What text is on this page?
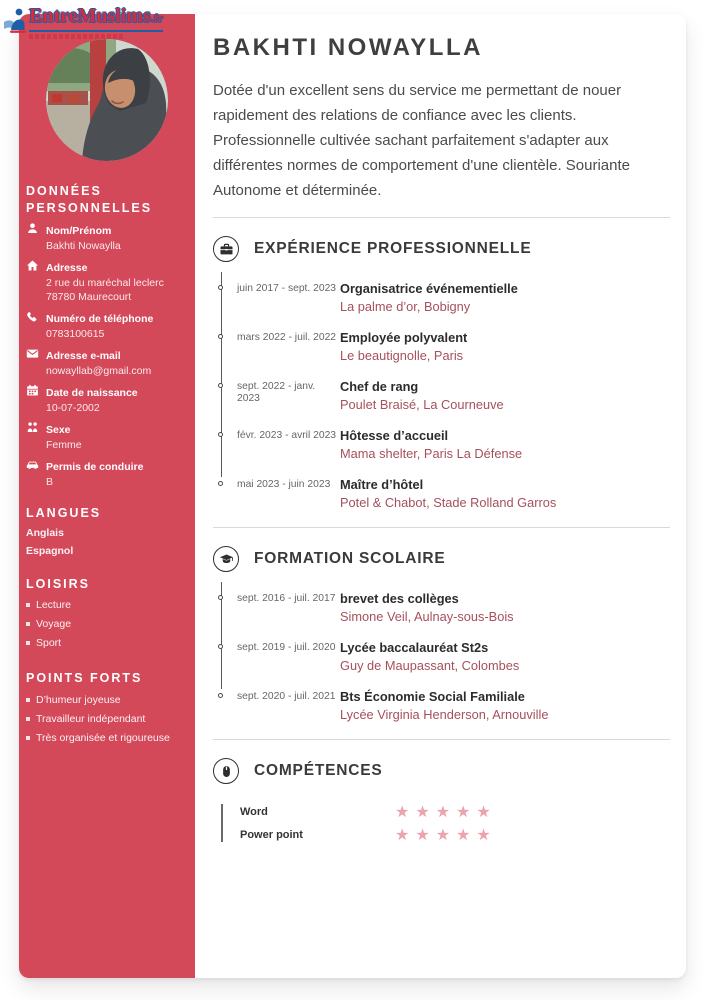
EntreMuslims.fr
DONNÉES PERSONNELLES
Nom/Prénom
Bakhti Nowaylla
Adresse
2 rue du maréchal leclerc
78780 Maurecourt
Numéro de téléphone
0783100615
Adresse e-mail
nowayllab@gmail.com
Date de naissance
10-07-2002
Sexe
Femme
Permis de conduire
B
LANGUES
Anglais
Espagnol
LOISIRS
Lecture
Voyage
Sport
POINTS FORTS
D’humeur joyeuse
Travailleur indépendant
Très organisée et rigoureuse
BAKHTI NOWAYLLA

Dotée d'un excellent sens du service me permettant de nouer rapidement des relations de confiance avec les clients. Professionnelle cultivée sachant parfaitement s'adapter aux différentes normes de comportement d'une clientèle. Souriante Autonome et déterminée.

EXPÉRIENCE PROFESSIONNELLE
juin 2017 - sept. 2023 Organisatrice événementielle
La palme d’or, Bobigny
mars 2022 - juil. 2022 Employée polyvalent
Le beautignolle, Paris
sept. 2022 - janv. 2023
Chef de rang
Poulet Braisé, La Courneuve
févr. 2023 - avril 2023 Hôtesse d’accueil
Mama shelter, Paris La Défense
mai 2023 - juin 2023 Maître d’hôtel
Potel & Chabot, Stade Rolland Garros
FORMATION SCOLAIRE
sept. 2016 - juil. 2017 brevet des collèges
Simone Veil, Aulnay-sous-Bois
sept. 2019 - juil. 2020 Lycée baccalauréat St2s
Guy de Maupassant, Colombes
sept. 2020 - juil. 2021 Bts Économie Social Familiale
Lycée Virginia Henderson, Arnouville
COMPÉTENCES
Word	★★★★★
Power point	★★★★★
